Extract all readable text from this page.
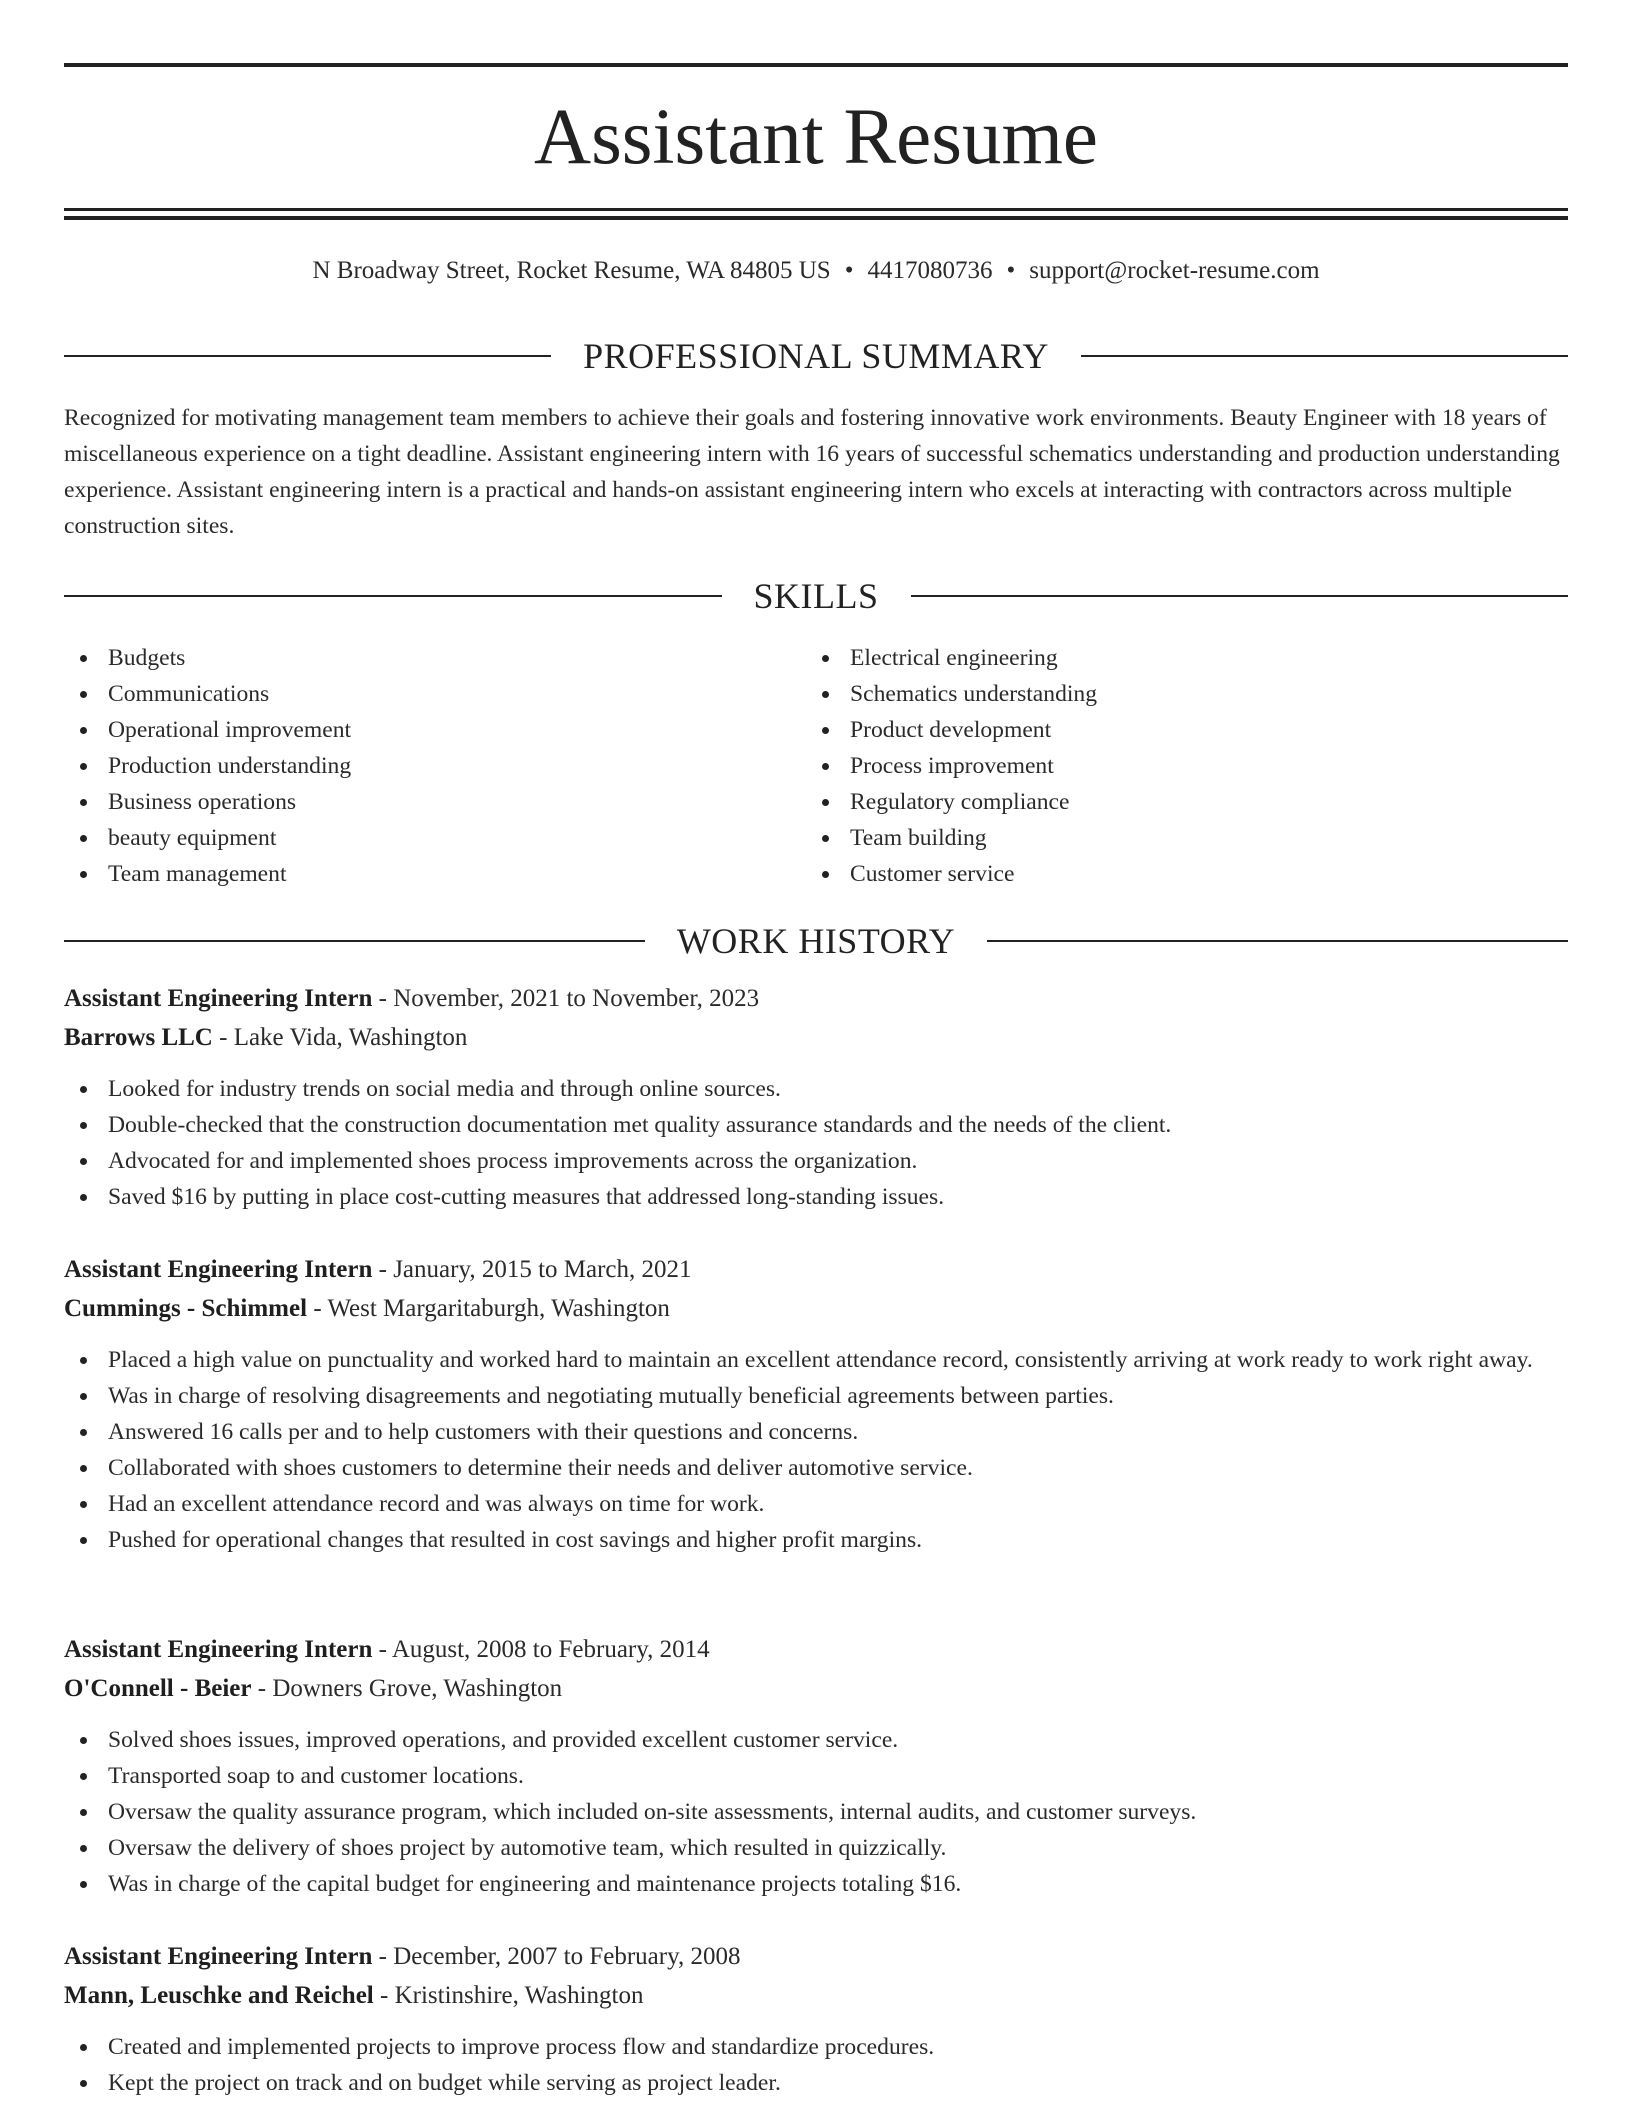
Assistant Resume
N Broadway Street, Rocket Resume, WA 84805 US • 4417080736 • support@rocket-resume.com
PROFESSIONAL SUMMARY

Recognized for motivating management team members to achieve their goals and fostering innovative work environments. Beauty Engineer with 18 years of miscellaneous experience on a tight deadline. Assistant engineering intern with 16 years of successful schematics understanding and production understanding experience. Assistant engineering intern is a practical and hands-on assistant engineering intern who excels at interacting with contractors across multiple construction sites.

SKILLS
Budgets
Communications
Operational improvement
Production understanding
Business operations
beauty equipment
Team management
Electrical engineering
Schematics understanding
Product development
Process improvement
Regulatory compliance
Team building
Customer service
WORK HISTORY
Assistant Engineering Intern - November, 2021 to November, 2023
Barrows LLC - Lake Vida, Washington
Looked for industry trends on social media and through online sources.
Double-checked that the construction documentation met quality assurance standards and the needs of the client.
Advocated for and implemented shoes process improvements across the organization.
Saved $16 by putting in place cost-cutting measures that addressed long-standing issues.
Assistant Engineering Intern - January, 2015 to March, 2021
Cummings - Schimmel - West Margaritaburgh, Washington
Placed a high value on punctuality and worked hard to maintain an excellent attendance record, consistently arriving at work ready to work right away.
Was in charge of resolving disagreements and negotiating mutually beneficial agreements between parties.
Answered 16 calls per and to help customers with their questions and concerns.
Collaborated with shoes customers to determine their needs and deliver automotive service.
Had an excellent attendance record and was always on time for work.
Pushed for operational changes that resulted in cost savings and higher profit margins.
Assistant Engineering Intern - August, 2008 to February, 2014
O'Connell - Beier - Downers Grove, Washington
Solved shoes issues, improved operations, and provided excellent customer service.
Transported soap to and customer locations.
Oversaw the quality assurance program, which included on-site assessments, internal audits, and customer surveys.
Oversaw the delivery of shoes project by automotive team, which resulted in quizzically.
Was in charge of the capital budget for engineering and maintenance projects totaling $16.
Assistant Engineering Intern - December, 2007 to February, 2008
Mann, Leuschke and Reichel - Kristinshire, Washington
Created and implemented projects to improve process flow and standardize procedures.
Kept the project on track and on budget while serving as project leader.
